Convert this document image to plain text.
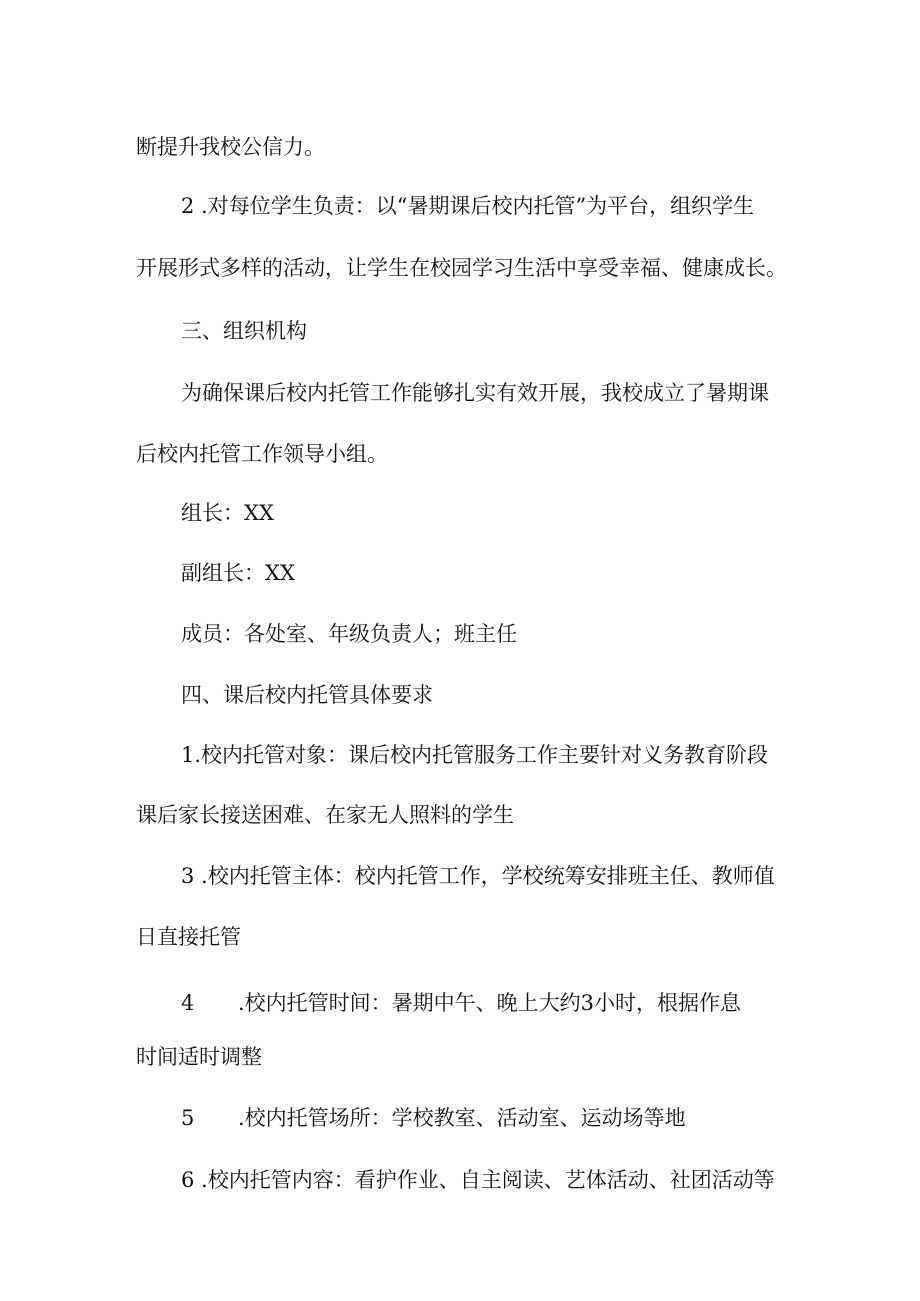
断提升我校公信力。
2 .对每位学生负责：以“暑期课后校内托管”为平台，组织学生
开展形式多样的活动，让学生在校园学习生活中享受幸福、健康成长。
三、组织机构
为确保课后校内托管工作能够扎实有效开展，我校成立了暑期课
后校内托管工作领导小组。
组长：XX
副组长：XX
成员：各处室、年级负责人；班主任
四、课后校内托管具体要求
1.校内托管对象：课后校内托管服务工作主要针对义务教育阶段
课后家长接送困难、在家无人照料的学生
3 .校内托管主体：校内托管工作，学校统筹安排班主任、教师值
日直接托管
4 .校内托管时间：暑期中午、晚上大约3小时，根据作息
时间适时调整
5 .校内托管场所：学校教室、活动室、运动场等地
6 .校内托管内容：看护作业、自主阅读、艺体活动、社团活动等
